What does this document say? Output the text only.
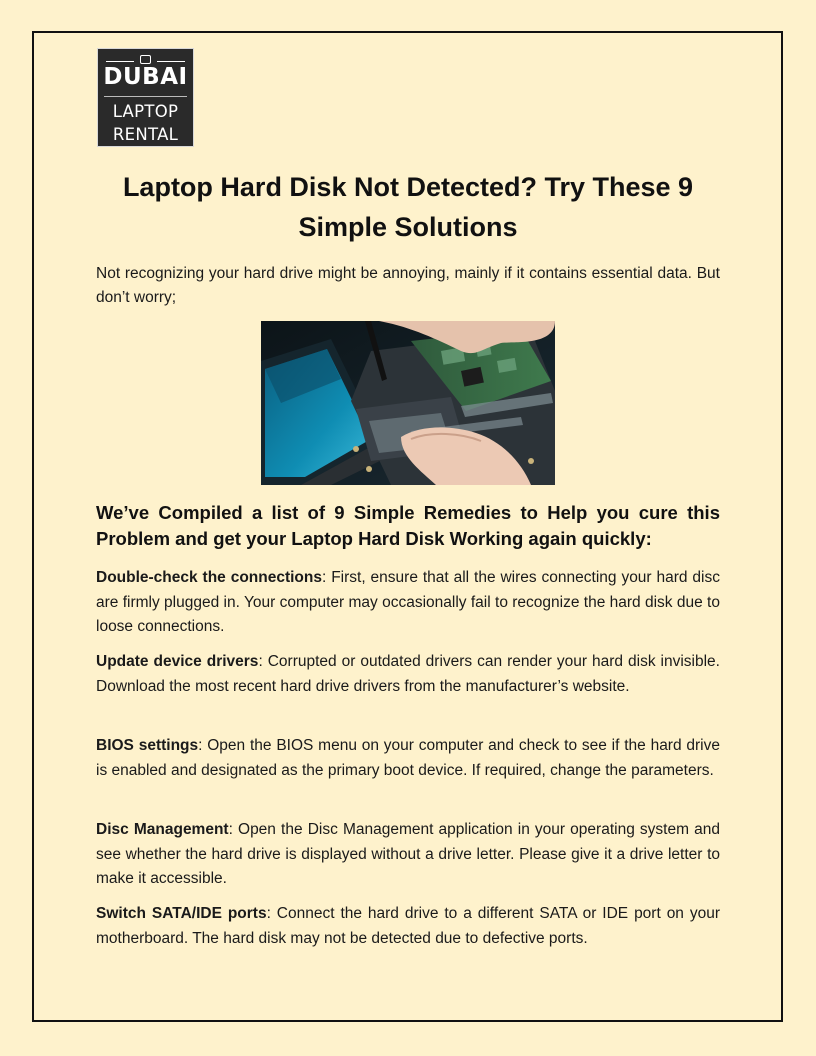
DUBAI
LAPTOP
RENTAL
Laptop Hard Disk Not Detected? Try These 9 Simple Solutions

Not recognizing your hard drive might be annoying, mainly if it contains essential data. But don’t worry;

We’ve Compiled a list of 9 Simple Remedies to Help you cure this Problem and get your Laptop Hard Disk Working again quickly:

Double-check the connections: First, ensure that all the wires connecting your hard disc are firmly plugged in. Your computer may occasionally fail to recognize the hard disk due to loose connections.

Update device drivers: Corrupted or outdated drivers can render your hard disk invisible. Download the most recent hard drive drivers from the manufacturer’s website.

BIOS settings: Open the BIOS menu on your computer and check to see if the hard drive is enabled and designated as the primary boot device. If required, change the parameters.

Disc Management: Open the Disc Management application in your operating system and see whether the hard drive is displayed without a drive letter. Please give it a drive letter to make it accessible.

Switch SATA/IDE ports: Connect the hard drive to a different SATA or IDE port on your motherboard. The hard disk may not be detected due to defective ports.
